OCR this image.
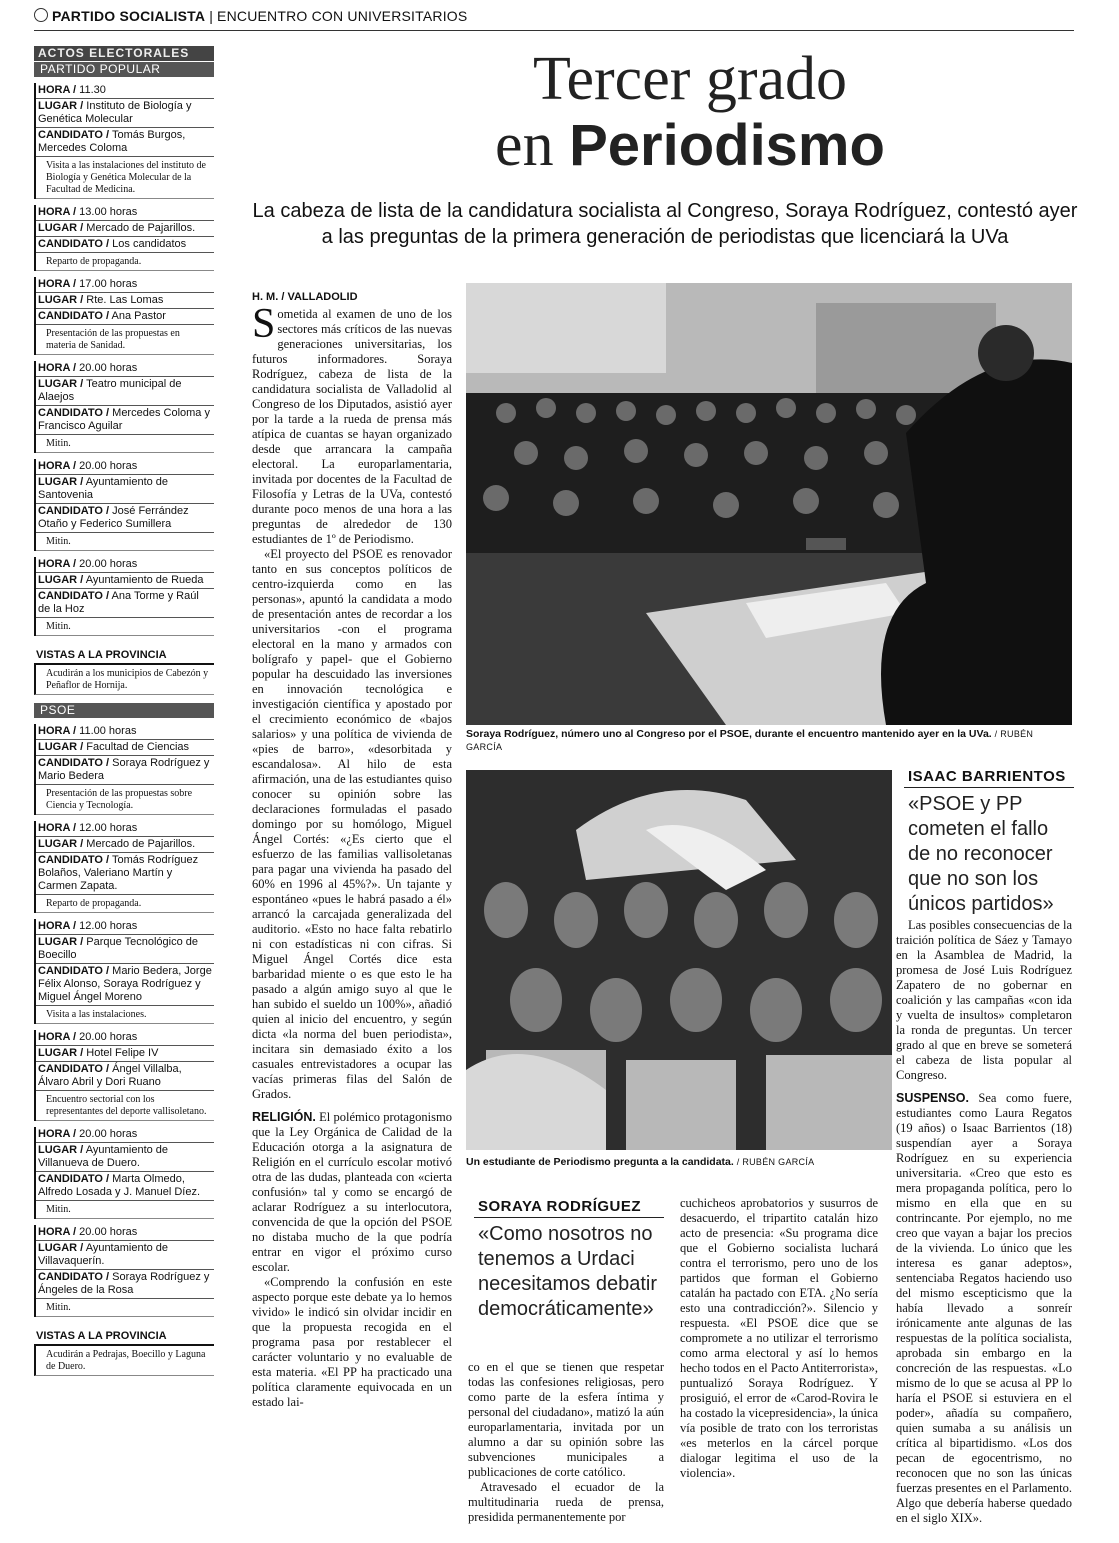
PARTIDO SOCIALISTA | ENCUENTRO CON UNIVERSITARIOS
ACTOS ELECTORALES
PARTIDO POPULAR
HORA / 11.30
LUGAR / Instituto de Biología y Genética Molecular
CANDIDATO / Tomás Burgos, Mercedes Coloma
Visita a las instalaciones del instituto de Biología y Genética Molecular de la Facultad de Medicina.
HORA / 13.00 horas
LUGAR / Mercado de Pajarillos.
CANDIDATO / Los candidatos
Reparto de propaganda.
HORA / 17.00 horas
LUGAR / Rte. Las Lomas
CANDIDATO / Ana Pastor
Presentación de las propuestas en materia de Sanidad.
HORA / 20.00 horas
LUGAR / Teatro municipal de Alaejos
CANDIDATO / Mercedes Coloma y Francisco Aguilar
Mitin.
HORA / 20.00 horas
LUGAR / Ayuntamiento de Santovenia
CANDIDATO / José Ferrández Otaño y Federico Sumillera
Mitin.
HORA / 20.00 horas
LUGAR / Ayuntamiento de Rueda
CANDIDATO / Ana Torme y Raúl de la Hoz
Mitin.
VISTAS A LA PROVINCIA
Acudirán a los municipios de Cabezón y Peñaflor de Hornija.
PSOE
HORA / 11.00 horas
LUGAR / Facultad de Ciencias
CANDIDATO / Soraya Rodríguez y Mario Bedera
Presentación de las propuestas sobre Ciencia y Tecnología.
HORA / 12.00 horas
LUGAR / Mercado de Pajarillos.
CANDIDATO / Tomás Rodríguez Bolaños, Valeriano Martín y Carmen Zapata.
Reparto de propaganda.
HORA / 12.00 horas
LUGAR / Parque Tecnológico de Boecillo
CANDIDATO / Mario Bedera, Jorge Félix Alonso, Soraya Rodríguez y Miguel Ángel Moreno
Visita a las instalaciones.
HORA / 20.00 horas
LUGAR / Hotel Felipe IV
CANDIDATO / Ángel Villalba, Álvaro Abril y Dori Ruano
Encuentro sectorial con los representantes del deporte vallisoletano.
HORA / 20.00 horas
LUGAR / Ayuntamiento de Villanueva de Duero.
CANDIDATO / Marta Olmedo, Alfredo Losada y J. Manuel Díez.
Mitin.
HORA / 20.00 horas
LUGAR / Ayuntamiento de Villavaquerín.
CANDIDATO / Soraya Rodríguez y Ángeles de la Rosa
Mitin.
VISTAS A LA PROVINCIA
Acudirán a Pedrajas, Boecillo y Laguna de Duero.
Tercer grado
en Periodismo
La cabeza de lista de la candidatura socialista al Congreso, Soraya Rodríguez, contestó ayer a las preguntas de la primera generación de periodistas que licenciará la UVa
H. M. / VALLADOLID

Sometida al examen de uno de los sectores más críticos de las nuevas generaciones universitarias, los futuros informadores. Soraya Rodríguez, cabeza de lista de la candidatura socialista de Valladolid al Congreso de los Diputados, asistió ayer por la tarde a la rueda de prensa más atípica de cuantas se hayan organizado desde que arrancara la campaña electoral. La europarlamentaria, invitada por docentes de la Facultad de Filosofía y Letras de la UVa, contestó durante poco menos de una hora a las preguntas de alrededor de 130 estudiantes de 1º de Periodismo.

«El proyecto del PSOE es renovador tanto en sus conceptos políticos de centro-izquierda como en las personas», apuntó la candidata a modo de presentación antes de recordar a los universitarios -con el programa electoral en la mano y armados con bolígrafo y papel- que el Gobierno popular ha descuidado las inversiones en innovación tecnológica e investigación científica y apostado por el crecimiento económico de «bajos salarios» y una política de vivienda de «pies de barro», «desorbitada y escandalosa». Al hilo de esta afirmación, una de las estudiantes quiso conocer su opinión sobre las declaraciones formuladas el pasado domingo por su homólogo, Miguel Ángel Cortés: «¿Es cierto que el esfuerzo de las familias vallisoletanas para pagar una vivienda ha pasado del 60% en 1996 al 45%?». Un tajante y espontáneo «pues le habrá pasado a él» arrancó la carcajada generalizada del auditorio. «Esto no hace falta rebatirlo ni con estadísticas ni con cifras. Si Miguel Ángel Cortés dice esta barbaridad miente o es que esto le ha pasado a algún amigo suyo al que le han subido el sueldo un 100%», añadió quien al inicio del encuentro, y según dicta «la norma del buen periodista», incitara sin demasiado éxito a los casuales entrevistadores a ocupar las vacías primeras filas del Salón de Grados.

RELIGIÓN. El polémico protagonismo que la Ley Orgánica de Calidad de la Educación otorga a la asignatura de Religión en el currículo escolar motivó otra de las dudas, planteada con «cierta confusión» tal y como se encargó de aclarar Rodríguez a su interlocutora, convencida de que la opción del PSOE no distaba mucho de la que podría entrar en vigor el próximo curso escolar.

«Comprendo la confusión en este aspecto porque este debate ya lo hemos vivido» le indicó sin olvidar incidir en que la propuesta recogida en el programa pasa por restablecer el carácter voluntario y no evaluable de esta materia. «El PP ha practicado una política claramente equivocada en un estado lai-

Soraya Rodríguez, número uno al Congreso por el PSOE, durante el encuentro mantenido ayer en la UVa. / RUBÉN GARCÍA
ISAAC BARRIENTOS
«PSOE y PP cometen el fallo de no reconocer que no son los únicos partidos»
Un estudiante de Periodismo pregunta a la candidata. / RUBÉN GARCÍA
SORAYA RODRÍGUEZ
«Como nosotros no tenemos a Urdaci necesitamos debatir democráticamente»

co en el que se tienen que respetar todas las confesiones religiosas, pero como parte de la esfera íntima y personal del ciudadano», matizó la aún europarlamentaria, invitada por un alumno a dar su opinión sobre las subvenciones municipales a publicaciones de corte católico.

Atravesado el ecuador de la multitudinaria rueda de prensa, presidida permanentemente por

cuchicheos aprobatorios y susurros de desacuerdo, el tripartito catalán hizo acto de presencia: «Su programa dice que el Gobierno socialista luchará contra el terrorismo, pero uno de los partidos que forman el Gobierno catalán ha pactado con ETA. ¿No sería esto una contradicción?». Silencio y respuesta. «El PSOE dice que se compromete a no utilizar el terrorismo como arma electoral y así lo hemos hecho todos en el Pacto Antiterrorista», puntualizó Soraya Rodríguez. Y prosiguió, el error de «Carod-Rovira le ha costado la vicepresidencia», la única vía posible de trato con los terroristas «es meterlos en la cárcel porque dialogar legitima el uso de la violencia».

Las posibles consecuencias de la traición política de Sáez y Tamayo en la Asamblea de Madrid, la promesa de José Luis Rodríguez Zapatero de no gobernar en coalición y las campañas «con ida y vuelta de insultos» completaron la ronda de preguntas. Un tercer grado al que en breve se someterá el cabeza de lista popular al Congreso.

SUSPENSO. Sea como fuere, estudiantes como Laura Regatos (19 años) o Isaac Barrientos (18) suspendían ayer a Soraya Rodríguez en su experiencia universitaria. «Creo que esto es mera propaganda política, pero lo mismo en ella que en su contrincante. Por ejemplo, no me creo que vayan a bajar los precios de la vivienda. Lo único que les interesa es ganar adeptos», sentenciaba Regatos haciendo uso del mismo escepticismo que la había llevado a sonreír irónicamente ante algunas de las respuestas de la política socialista, aprobada sin embargo en la concreción de las respuestas. «Lo mismo de lo que se acusa al PP lo haría el PSOE si estuviera en el poder», añadía su compañero, quien sumaba a su análisis un crítica al bipartidismo. «Los dos pecan de egocentrismo, no reconocen que no son las únicas fuerzas presentes en el Parlamento. Algo que debería haberse quedado en el siglo XIX».
